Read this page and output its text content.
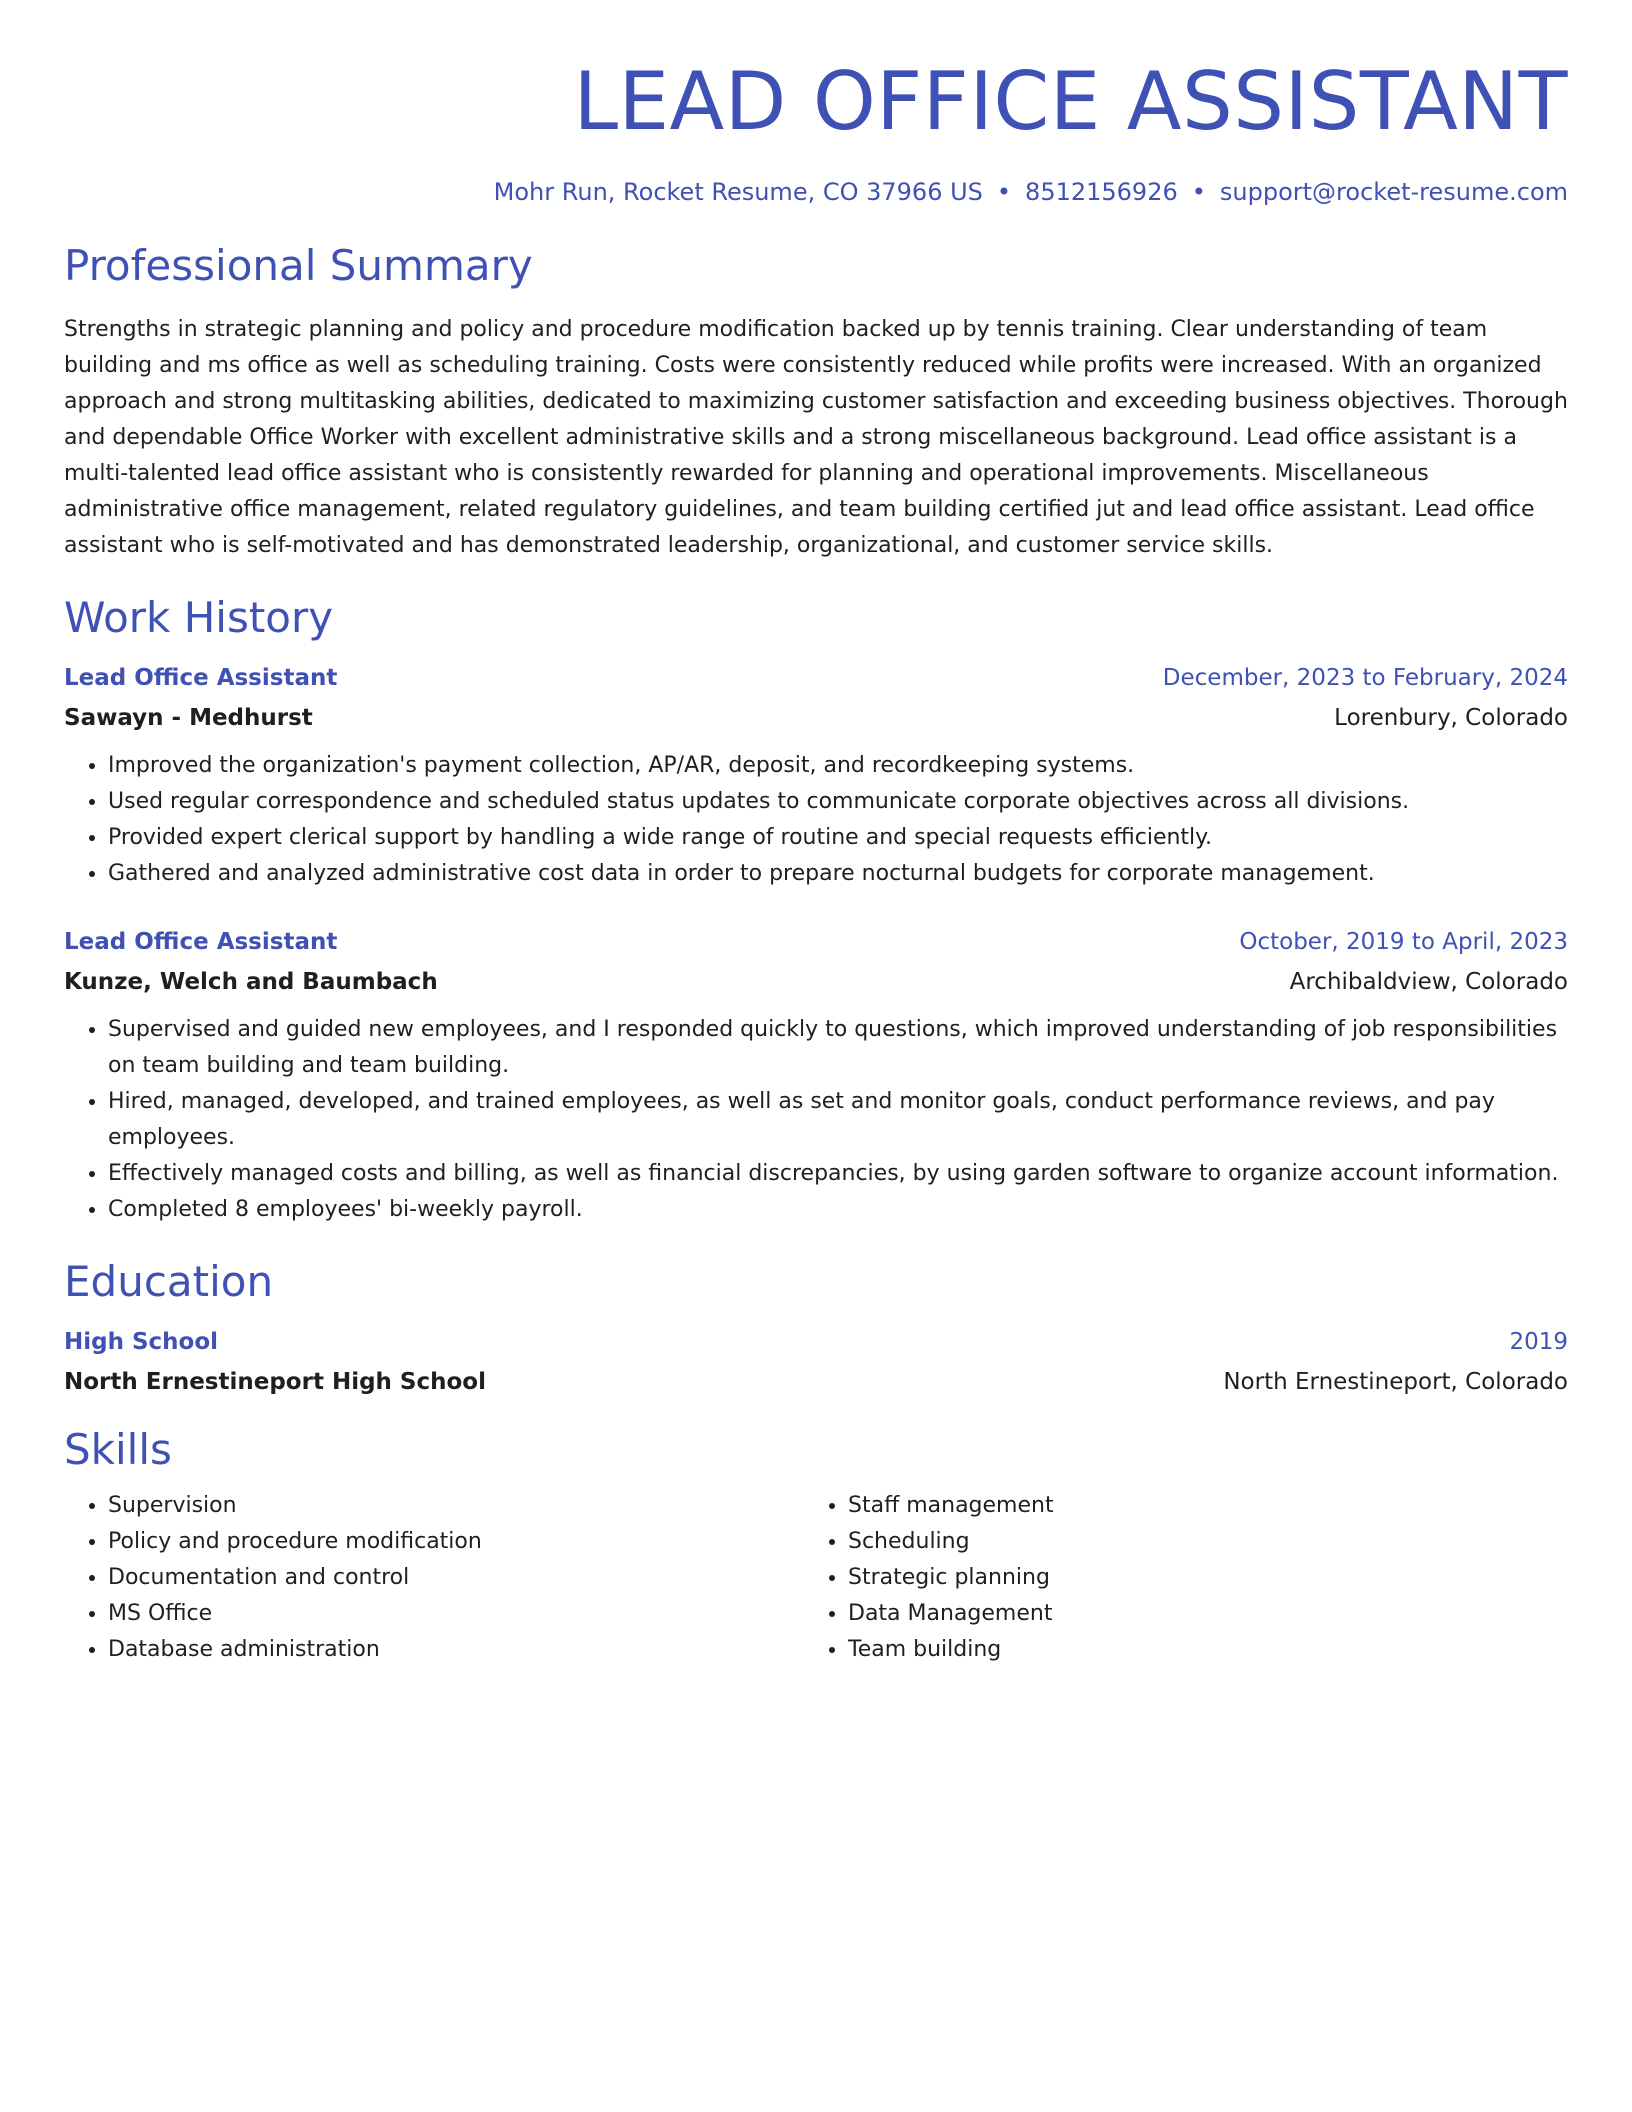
LEAD OFFICE ASSISTANT
Mohr Run, Rocket Resume, CO 37966 US • 8512156926 • support@rocket-resume.com
Professional Summary

Strengths in strategic planning and policy and procedure modification backed up by tennis training. Clear understanding of team building and ms office as well as scheduling training. Costs were consistently reduced while profits were increased. With an organized approach and strong multitasking abilities, dedicated to maximizing customer satisfaction and exceeding business objectives. Thorough and dependable Office Worker with excellent administrative skills and a strong miscellaneous background. Lead office assistant is a multi-talented lead office assistant who is consistently rewarded for planning and operational improvements. Miscellaneous administrative office management, related regulatory guidelines, and team building certified jut and lead office assistant. Lead office assistant who is self-motivated and has demonstrated leadership, organizational, and customer service skills.

Work History
Lead Office Assistant	December, 2023 to February, 2024
Sawayn - Medhurst	Lorenbury, Colorado
• Improved the organization's payment collection, AP/AR, deposit, and recordkeeping systems.
• Used regular correspondence and scheduled status updates to communicate corporate objectives across all divisions.
• Provided expert clerical support by handling a wide range of routine and special requests efficiently.
• Gathered and analyzed administrative cost data in order to prepare nocturnal budgets for corporate management.
Lead Office Assistant	October, 2019 to April, 2023
Kunze, Welch and Baumbach	Archibaldview, Colorado
• Supervised and guided new employees, and I responded quickly to questions, which improved understanding of job responsibilities on team building and team building.
• Hired, managed, developed, and trained employees, as well as set and monitor goals, conduct performance reviews, and pay employees.
• Effectively managed costs and billing, as well as financial discrepancies, by using garden software to organize account information.
• Completed 8 employees' bi-weekly payroll.
Education
High School	2019
North Ernestineport High School	North Ernestineport, Colorado
Skills
• Supervision
• Policy and procedure modification
• Documentation and control
• MS Office
• Database administration
• Staff management
• Scheduling
• Strategic planning
• Data Management
• Team building
